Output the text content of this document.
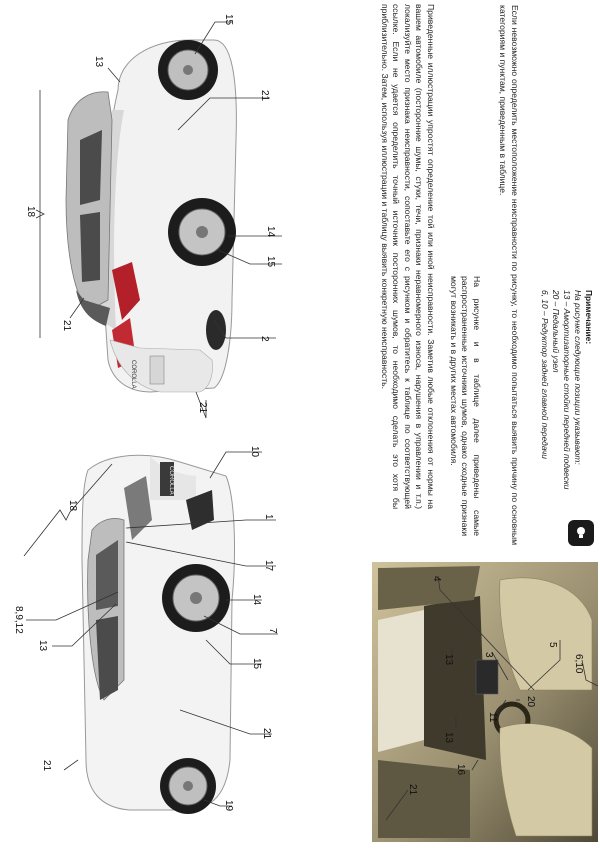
COROLLA
13
15
21
18
14
15
21
2
21
COROLLA
18
10
1
17
14
7
15
21
19
21
13
8,9,12
4
13	3
5
6,10
20
11
13
16
21
Приведенные иллюстрации упростят определение той или иной неисправности. Заметив любые отклонения от нормы на вашем автомобиле (посторонние шумы, стуки, течи, признаки неравномерного износа, нарушения в управлении и т.п.) локализуйте место признака неисправности, сопоставьте его с рисунком и обратитесь к таблице по соответствующей ссылке. Если не удается определить точный источник посторонних шумов, то необходимо сделать это хотя бы приблизительно. Затем, используя иллюстрации и таблицу выявить конкретную неисправность.
На рисунке и в таблице далее приведены самые распространенные источники шумов, однако сходные признаки могут возникать и в других местах автомобиля.	Если невозможно определить местоположение неисправности по рисунку, то необходимо попытаться выявить причину по основным категориям и пунктам, приведенным в таблице.
Примечание:
На рисунке следующие позиции указывают:
13 – Амортизаторные стойки передней подвески
20 – Педальный узел
6, 10 – Редуктор задней главной передачи
